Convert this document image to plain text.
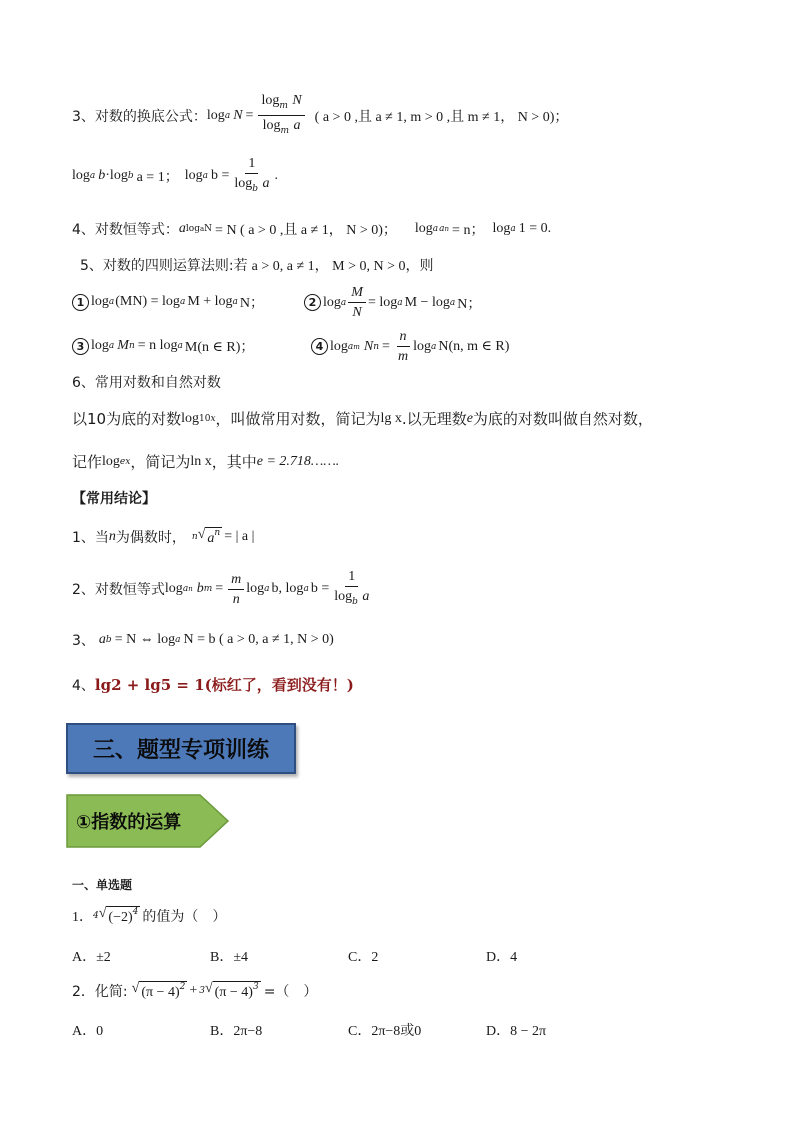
3、对数的换底公式 ： log a $N = \frac{\log_m N}{\log_m a}$ ( a > 0 ,且 a ≠ 1, m > 0 ,且 m ≠ 1， N > 0)；
log a b ·log b a = 1； log a $b = \frac{1}{\log_b a}$ .
4、对数恒等式： a logaN = N ( a > 0 ,且 a ≠ 1， N > 0)； log a an = n； log a 1 = 0.
5、对数的四则运算法则:若 a > 0, a ≠ 1， M > 0, N > 0，则
1 log a (MN) = log a M + log a N；	2 log a $\frac{M}{N} = \log a$ M − log a N；
3 log a M n = n log a M(n ∈ R)；	4 log a m N $n = \frac{n}{m}$ log a N(n, m ∈ R)
6、常用对数和自然对数
以10为底的对数 log 10 x ，叫做常用对数，简记为 lg x .以无理数 e 为底的对数叫做自然对数，
记作 log e x ，简记为 ln x ，其中 e = 2.718…….
【常用结论】
1、当 n 为偶数时， n √ $a^n$ = | a |
2、对数恒等式 log a n b $m = \frac{m}{n}$ log a b, log a $b = \frac{1}{\log_b a}$
3、 a b = N ⇔ log a N = b ( a > 0, a ≠ 1, N > 0)
4、 lg2 + lg5 = 1(标红了，看到没有！)
三、题型专项训练
①指数的运算
一、单选题
1． 4 √ $(-2)^4$ 的值为（　）
A．±2	B．±4	C．2	D．4
2．化简: √ $(\pi - 4)^2 + 3$ √ $(\pi - 4)^3$ =（　）
A．0	B．2π−8	C．2π−8或0	D．8 − 2π
